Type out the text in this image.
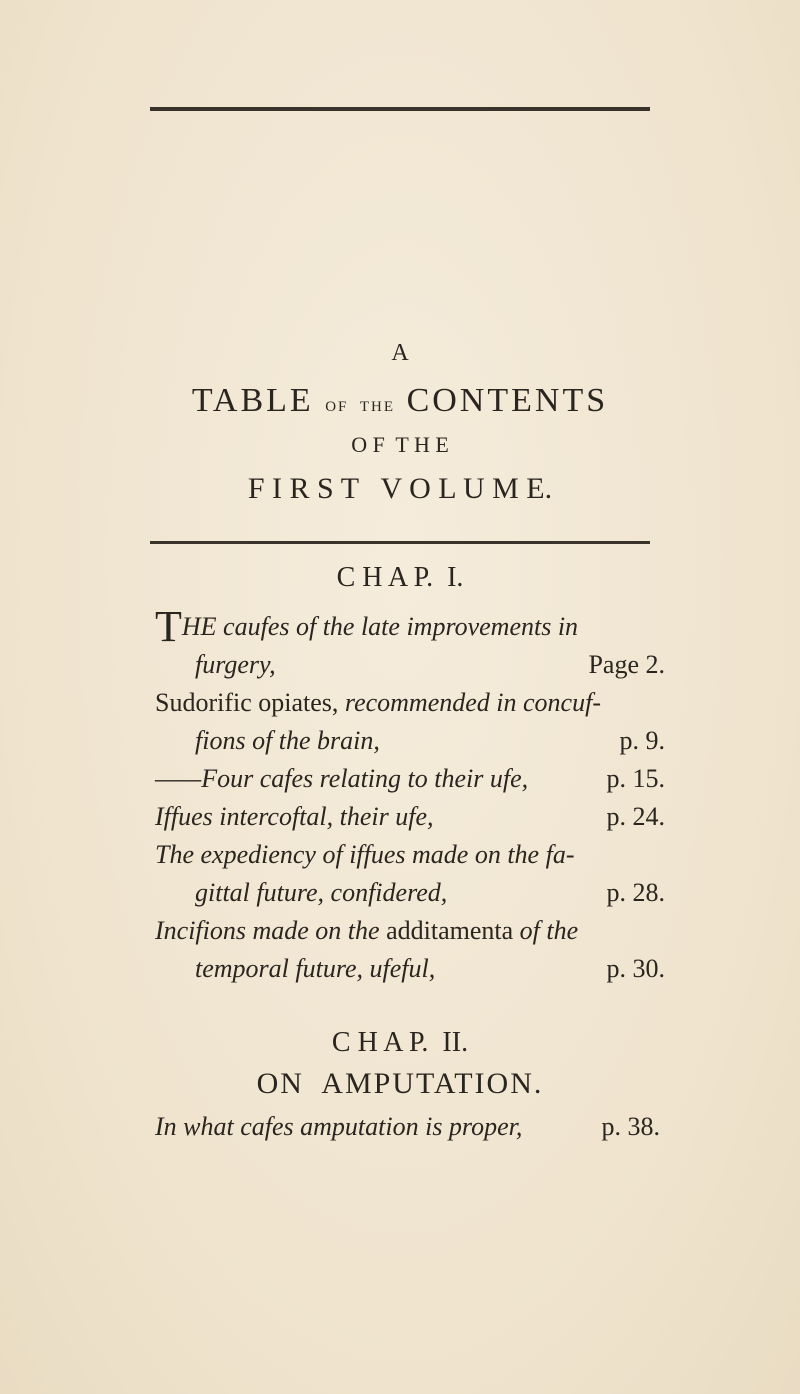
A
TABLE of the CONTENTS
O F  T H E
F I R S T   V O L U M E.
C H A P.  I.
THE caufes of the late improvements in
furgery,	Page 2.
Sudorific opiates, recommended in concuf-
fions of the brain,	p. 9.
——Four cafes relating to their ufe,	p. 15.
Iffues intercoftal, their ufe,	p. 24.
The expediency of iffues made on the fa-
gittal future, confidered,	p. 28.
Incifions made on the additamenta of the
temporal future, ufeful,	p. 30.
C H A P.  II.
ON  AMPUTATION.
In what cafes amputation is proper,	p. 38.
